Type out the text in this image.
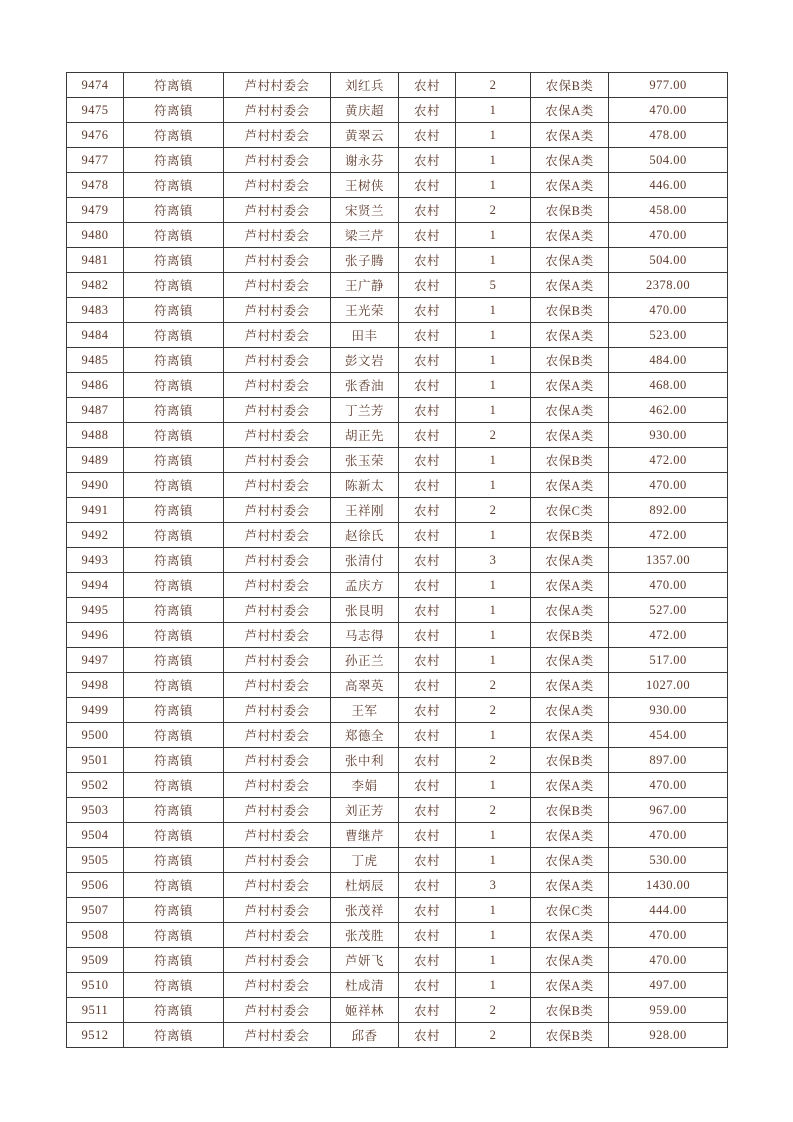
9474	符离镇	芦村村委会	刘红兵	农村	2	农保B类	977.00
9475	符离镇	芦村村委会	黄庆超	农村	1	农保A类	470.00
9476	符离镇	芦村村委会	黄翠云	农村	1	农保A类	478.00
9477	符离镇	芦村村委会	谢永芬	农村	1	农保A类	504.00
9478	符离镇	芦村村委会	王树侠	农村	1	农保A类	446.00
9479	符离镇	芦村村委会	宋贤兰	农村	2	农保B类	458.00
9480	符离镇	芦村村委会	梁三芹	农村	1	农保A类	470.00
9481	符离镇	芦村村委会	张子腾	农村	1	农保A类	504.00
9482	符离镇	芦村村委会	王广静	农村	5	农保A类	2378.00
9483	符离镇	芦村村委会	王光荣	农村	1	农保B类	470.00
9484	符离镇	芦村村委会	田丰	农村	1	农保A类	523.00
9485	符离镇	芦村村委会	彭文岩	农村	1	农保B类	484.00
9486	符离镇	芦村村委会	张香油	农村	1	农保A类	468.00
9487	符离镇	芦村村委会	丁兰芳	农村	1	农保A类	462.00
9488	符离镇	芦村村委会	胡正先	农村	2	农保A类	930.00
9489	符离镇	芦村村委会	张玉荣	农村	1	农保B类	472.00
9490	符离镇	芦村村委会	陈新太	农村	1	农保A类	470.00
9491	符离镇	芦村村委会	王祥刚	农村	2	农保C类	892.00
9492	符离镇	芦村村委会	赵徐氏	农村	1	农保B类	472.00
9493	符离镇	芦村村委会	张清付	农村	3	农保A类	1357.00
9494	符离镇	芦村村委会	孟庆方	农村	1	农保A类	470.00
9495	符离镇	芦村村委会	张艮明	农村	1	农保A类	527.00
9496	符离镇	芦村村委会	马志得	农村	1	农保B类	472.00
9497	符离镇	芦村村委会	孙正兰	农村	1	农保A类	517.00
9498	符离镇	芦村村委会	高翠英	农村	2	农保A类	1027.00
9499	符离镇	芦村村委会	王军	农村	2	农保A类	930.00
9500	符离镇	芦村村委会	郑德全	农村	1	农保A类	454.00
9501	符离镇	芦村村委会	张中利	农村	2	农保B类	897.00
9502	符离镇	芦村村委会	李娟	农村	1	农保A类	470.00
9503	符离镇	芦村村委会	刘正芳	农村	2	农保B类	967.00
9504	符离镇	芦村村委会	曹继芹	农村	1	农保A类	470.00
9505	符离镇	芦村村委会	丁虎	农村	1	农保A类	530.00
9506	符离镇	芦村村委会	杜炳辰	农村	3	农保A类	1430.00
9507	符离镇	芦村村委会	张茂祥	农村	1	农保C类	444.00
9508	符离镇	芦村村委会	张茂胜	农村	1	农保A类	470.00
9509	符离镇	芦村村委会	芦妍飞	农村	1	农保A类	470.00
9510	符离镇	芦村村委会	杜成清	农村	1	农保A类	497.00
9511	符离镇	芦村村委会	姬祥林	农村	2	农保B类	959.00
9512	符离镇	芦村村委会	邱香	农村	2	农保B类	928.00
